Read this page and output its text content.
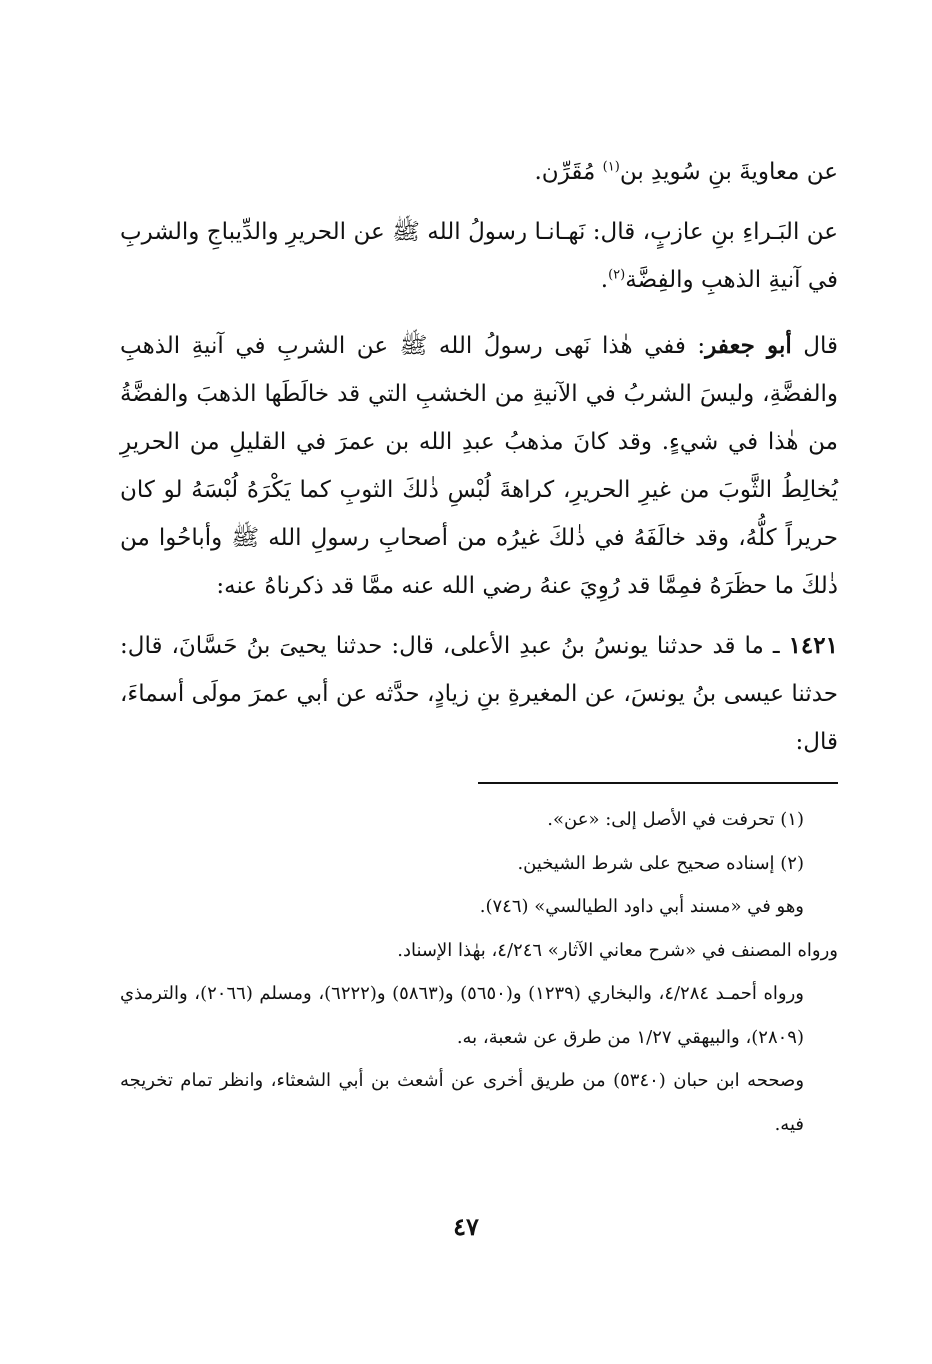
عن معاويةَ بنِ سُويدِ بن$^{(١)}$ مُقَرِّن.

عن البَـراءِ بنِ عازبٍ، قال: نَهـانـا رسولُ الله ﷺ عن الحريرِ والدِّيباجِ والشربِ في آنيةِ الذهبِ والفِضَّة$^{(٢)}$.

قال أبو جعفر: ففي هٰذا نَهى رسولُ الله ﷺ عن الشربِ في آنيةِ الذهبِ والفضَّةِ، وليسَ الشربُ في الآنيةِ من الخشبِ التي قد خالَطَها الذهبَ والفضَّةُ من هٰذا في شيءٍ. وقد كانَ مذهبُ عبدِ الله بن عمرَ في القليلِ من الحريرِ يُخالِطُ الثَّوبَ من غيرِ الحريرِ، كراهةَ لُبْسِ ذٰلكَ الثوبِ كما يَكْرَهُ لُبْسَهُ لو كان حريراً كلُّهُ، وقد خالَفَهُ في ذٰلكَ غيرُه من أصحابِ رسولِ الله ﷺ وأباحُوا من ذٰلكَ ما حظَرَهُ فمِمَّا قد رُوِيَ عنهُ رضي الله عنه ممَّا قد ذكرناهُ عنه:

١٤٢١ ـ ما قد حدثنا يونسُ بنُ عبدِ الأعلى، قال: حدثنا يحيىَ بنُ حَسَّانَ، قال: حدثنا عيسى بنُ يونسَ، عن المغيرةِ بنِ زيادٍ، حدَّثه عن أبي عمرَ مولَى أسماءَ، قال:

(١) تحرفت في الأصل إلى: «عن».

(٢) إسناده صحيح على شرط الشيخين.

وهو في «مسند أبي داود الطيالسي» (٧٤٦).

ورواه المصنف في «شرح معاني الآثار» ٤/٢٤٦، بهٰذا الإسناد.

ورواه أحمـد ٤/٢٨٤، والبخاري (١٢٣٩) و(٥٦٥٠) و(٥٨٦٣) و(٦٢٢٢)، ومسلم (٢٠٦٦)، والترمذي (٢٨٠٩)، والبيهقي ١/٢٧ من طرق عن شعبة، به.

وصححه ابن حبان (٥٣٤٠) من طريق أخرى عن أشعث بن أبي الشعثاء، وانظر تمام تخريجه فيه.

٤٧
